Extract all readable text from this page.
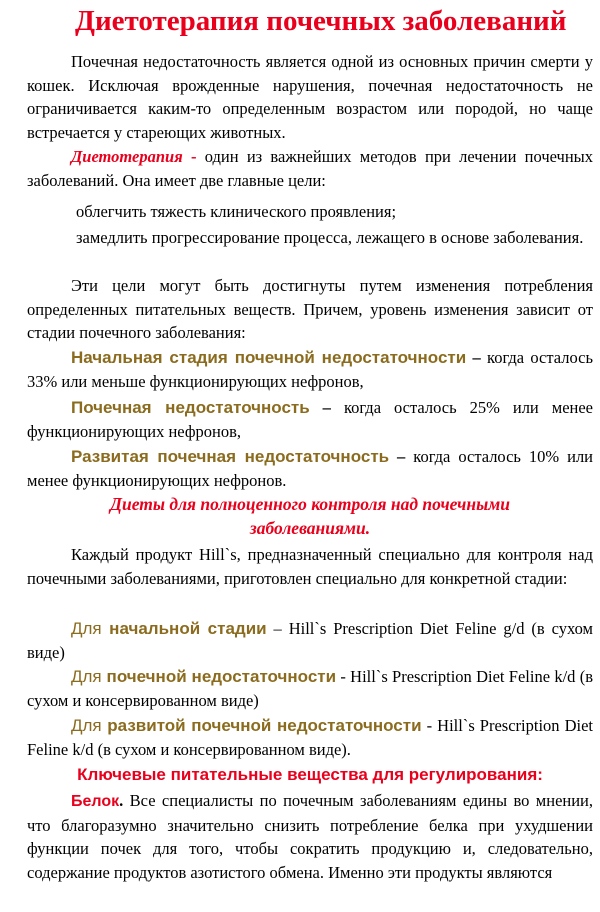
Диетотерапия почечных заболеваний

Почечная недостаточность является одной из основных причин смерти у кошек. Исключая врожденные нарушения, почечная недостаточность не ограничивается каким-то определенным возрастом или породой, но чаще встречается у стареющих животных.

Диетотерапия - один из важнейших методов при лечении почечных заболеваний. Она имеет две главные цели:

облегчить тяжесть клинического проявления;

замедлить прогрессирование процесса, лежащего в основе заболевания.

Эти цели могут быть достигнуты путем изменения потребления определенных питательных веществ. Причем, уровень изменения зависит от стадии почечного заболевания:

Начальная стадия почечной недостаточности – когда осталось 33% или меньше функционирующих нефронов,

Почечная недостаточность – когда осталось 25% или менее функционирующих нефронов,

Развитая почечная недостаточность – когда осталось 10% или менее функционирующих нефронов.

Диеты для полноценного контроля над почечными заболеваниями.

Каждый продукт Hill`s, предназначенный специально для контроля над почечными заболеваниями, приготовлен специально для конкретной стадии:

Для начальной стадии – Hill`s Prescription Diet Feline g/d (в сухом виде)

Для почечной недостаточности - Hill`s Prescription Diet Feline k/d (в сухом и консервированном виде)

Для развитой почечной недостаточности - Hill`s Prescription Diet Feline k/d (в сухом и консервированном виде).

Ключевые питательные вещества для регулирования:

Белок. Все специалисты по почечным заболеваниям едины во мнении, что благоразумно значительно снизить потребление белка при ухудшении функции почек для того, чтобы сократить продукцию и, следовательно, содержание продуктов азотистого обмена. Именно эти продукты являются
